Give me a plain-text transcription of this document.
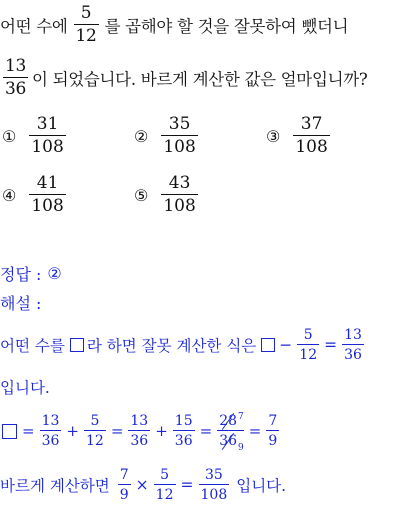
어떤 수에 $\frac{5}{12}$ 를 곱해야 할 것을 잘못하여 뺐더니
$\frac{13}{36}$ 이 되었습니다. 바르게 계산한 값은 얼마입니까?
① $\frac{31}{108}$	② $\frac{35}{108}$	③ $\frac{37}{108}$
④ $\frac{41}{108}$	⑤ $\frac{43}{108}$
정답 : ②
해설 :
어떤 수를 라 하면 잘못 계산한 식은 − $\frac{5}{12} = \frac{13}{36}$
입니다.
= $\frac{13}{36} + \frac{5}{12} = \frac{13}{36} + \frac{15}{36} = \frac{28^7}{36_9} = \frac{7}{9}$
바르게 계산하면 $\frac{7}{9} \times \frac{5}{12} = \frac{35}{108}$ 입니다.
